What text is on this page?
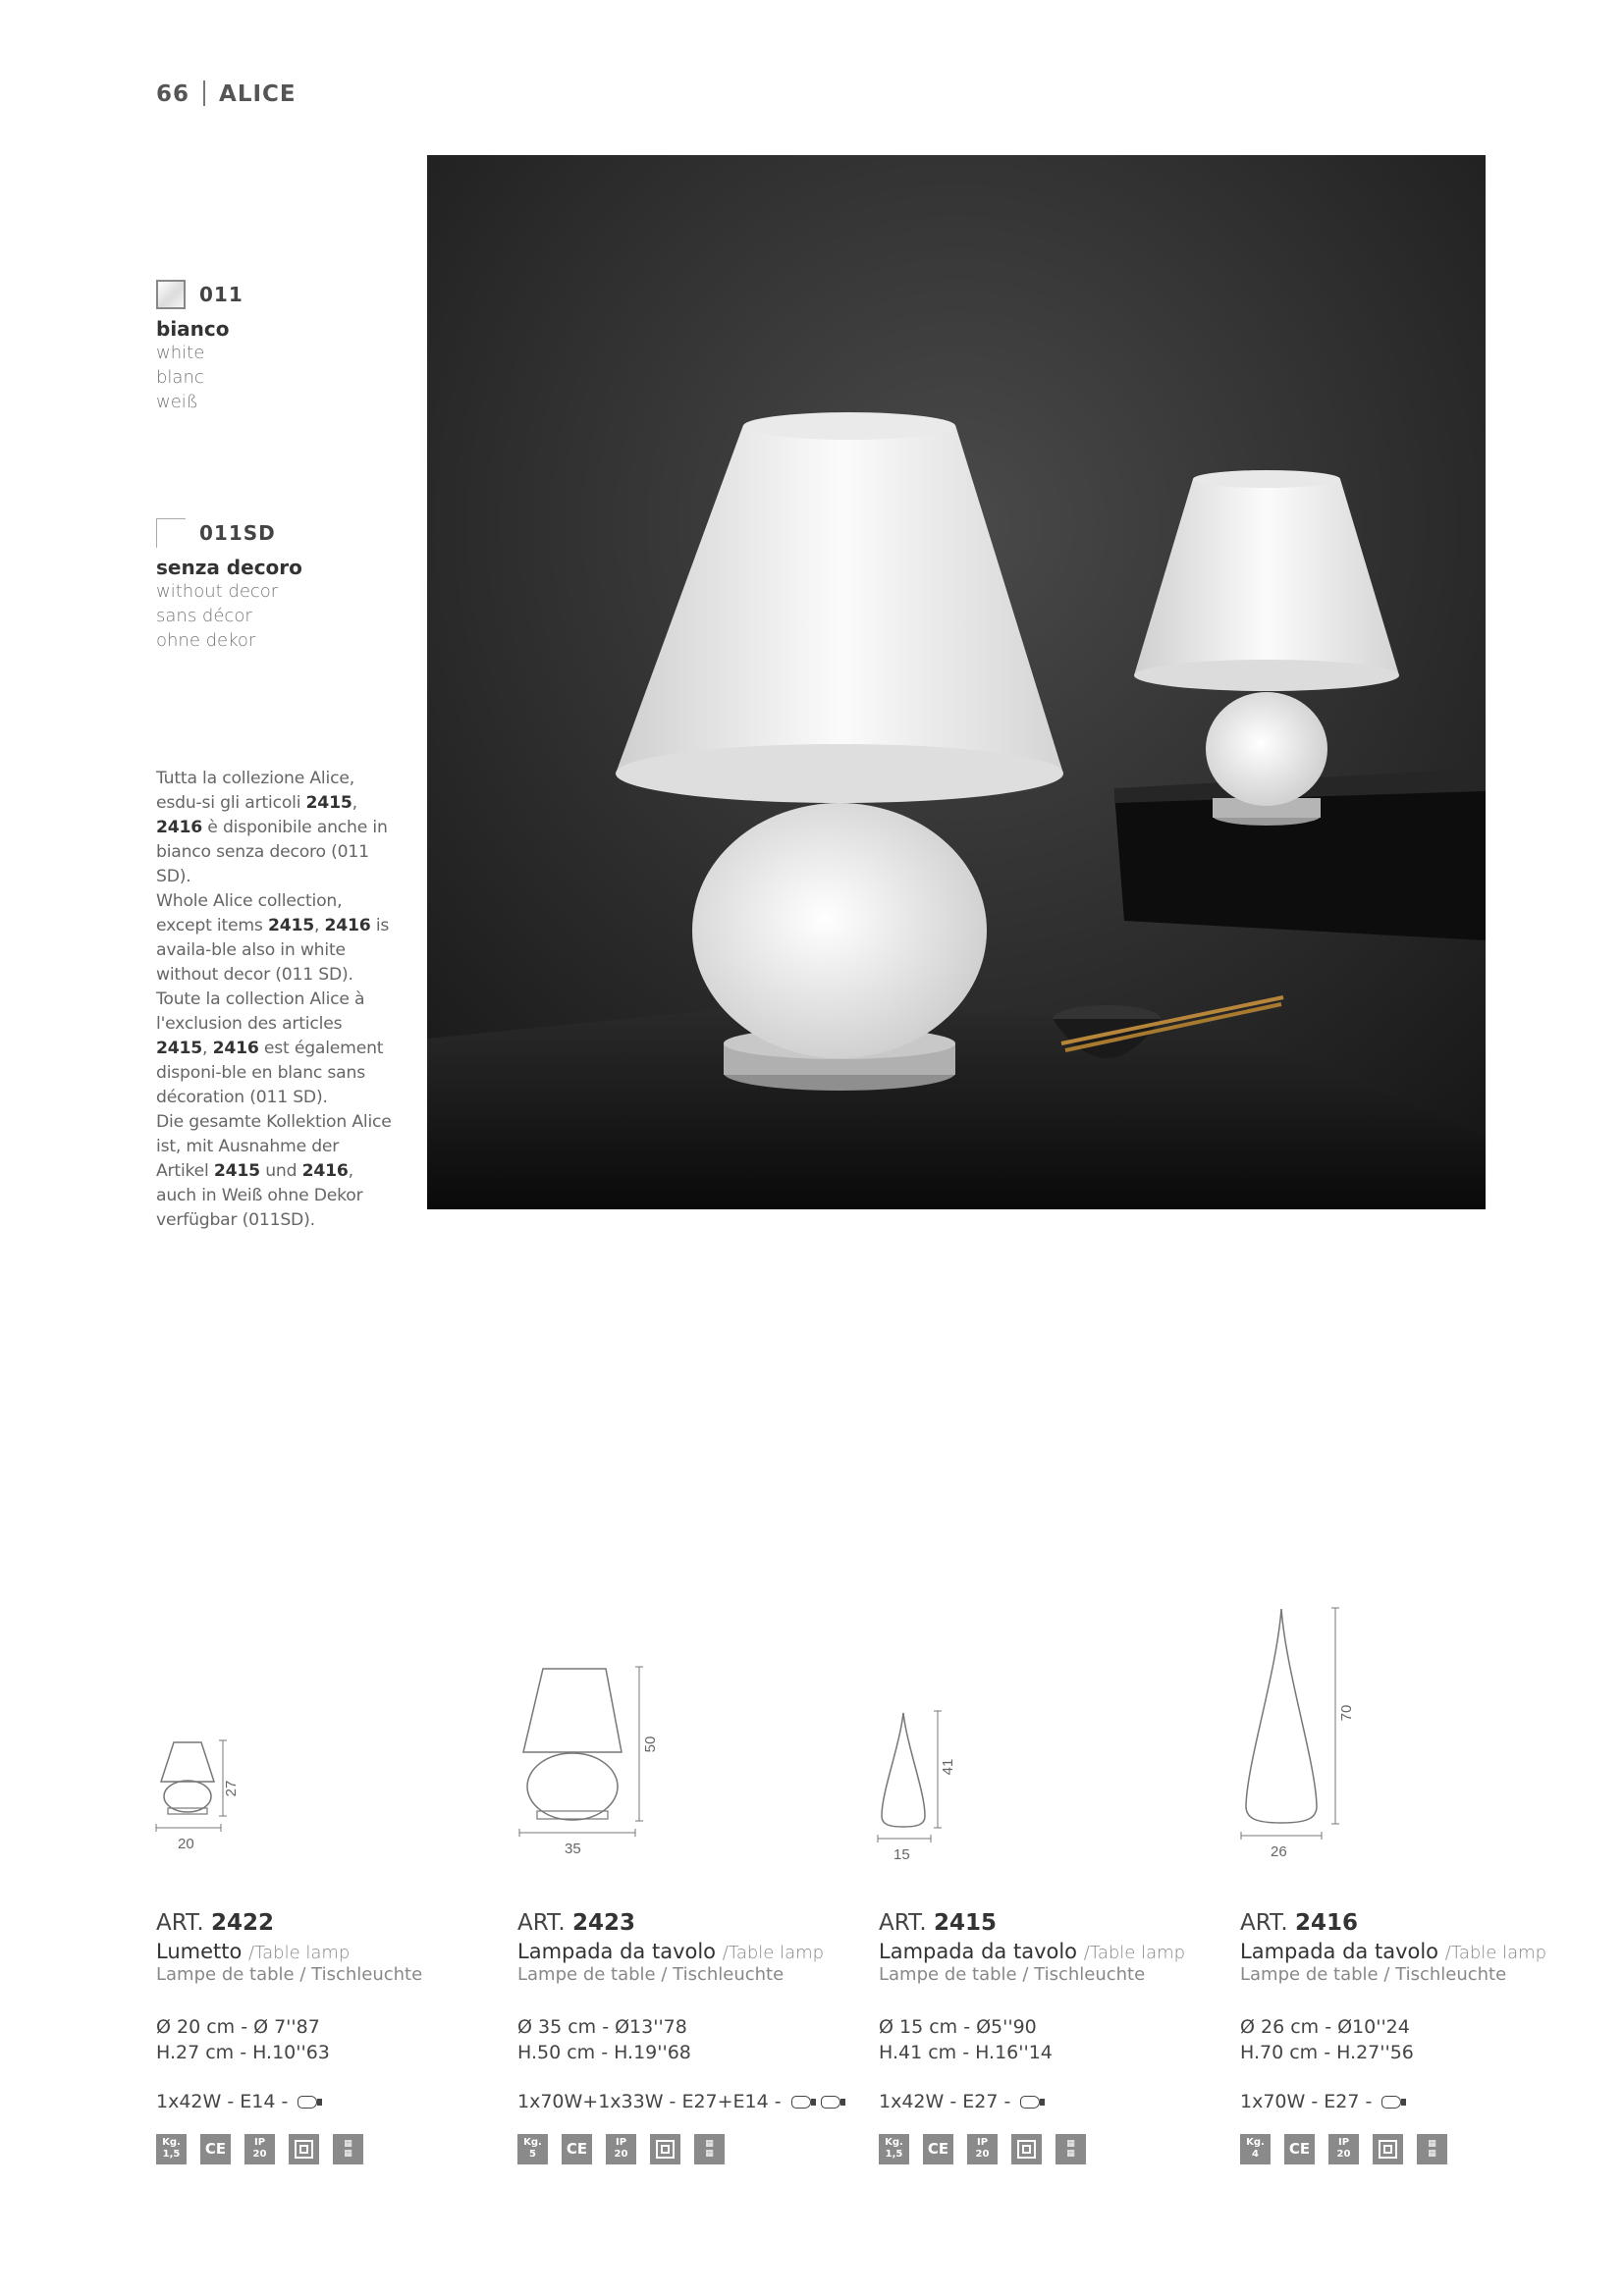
66 ALICE
011
bianco
white
blanc
weiß
011SD
senza decoro
without decor
sans décor
ohne dekor

Tutta la collezione Alice, esdu-si gli articoli 2415, 2416 è disponibile anche in bianco senza decoro (011 SD).

Whole Alice collection, except items 2415, 2416 is availa-ble also in white without decor (011 SD).

Toute la collection Alice à l'exclusion des articles 2415, 2416 est également disponi-ble en blanc sans décoration (011 SD).

Die gesamte Kollektion Alice ist, mit Ausnahme der Artikel 2415 und 2416, auch in Weiß ohne Dekor verfügbar (011SD).

20
27
35
50
15
41
26
70
ART. 2422
Lumetto /Table lamp
Lampe de table / Tischleuchte
Ø 20 cm - Ø 7''87
H.27 cm - H.10''63
1x42W - E14 -
Kg.
1,5 CE	IP
20
▦
▦
ART. 2423
Lampada da tavolo /Table lamp
Lampe de table / Tischleuchte
Ø 35 cm - Ø13''78
H.50 cm - H.19''68
1x70W+1x33W - E27+E14 -
Kg.
5 CE	IP
20
▦
▦
ART. 2415
Lampada da tavolo /Table lamp
Lampe de table / Tischleuchte
Ø 15 cm - Ø5''90
H.41 cm - H.16''14
1x42W - E27 -
Kg.
1,5 CE	IP
20
▦
▦
ART. 2416
Lampada da tavolo /Table lamp
Lampe de table / Tischleuchte
Ø 26 cm - Ø10''24
H.70 cm - H.27''56
1x70W - E27 -
Kg.
4 CE	IP
20
▦
▦
